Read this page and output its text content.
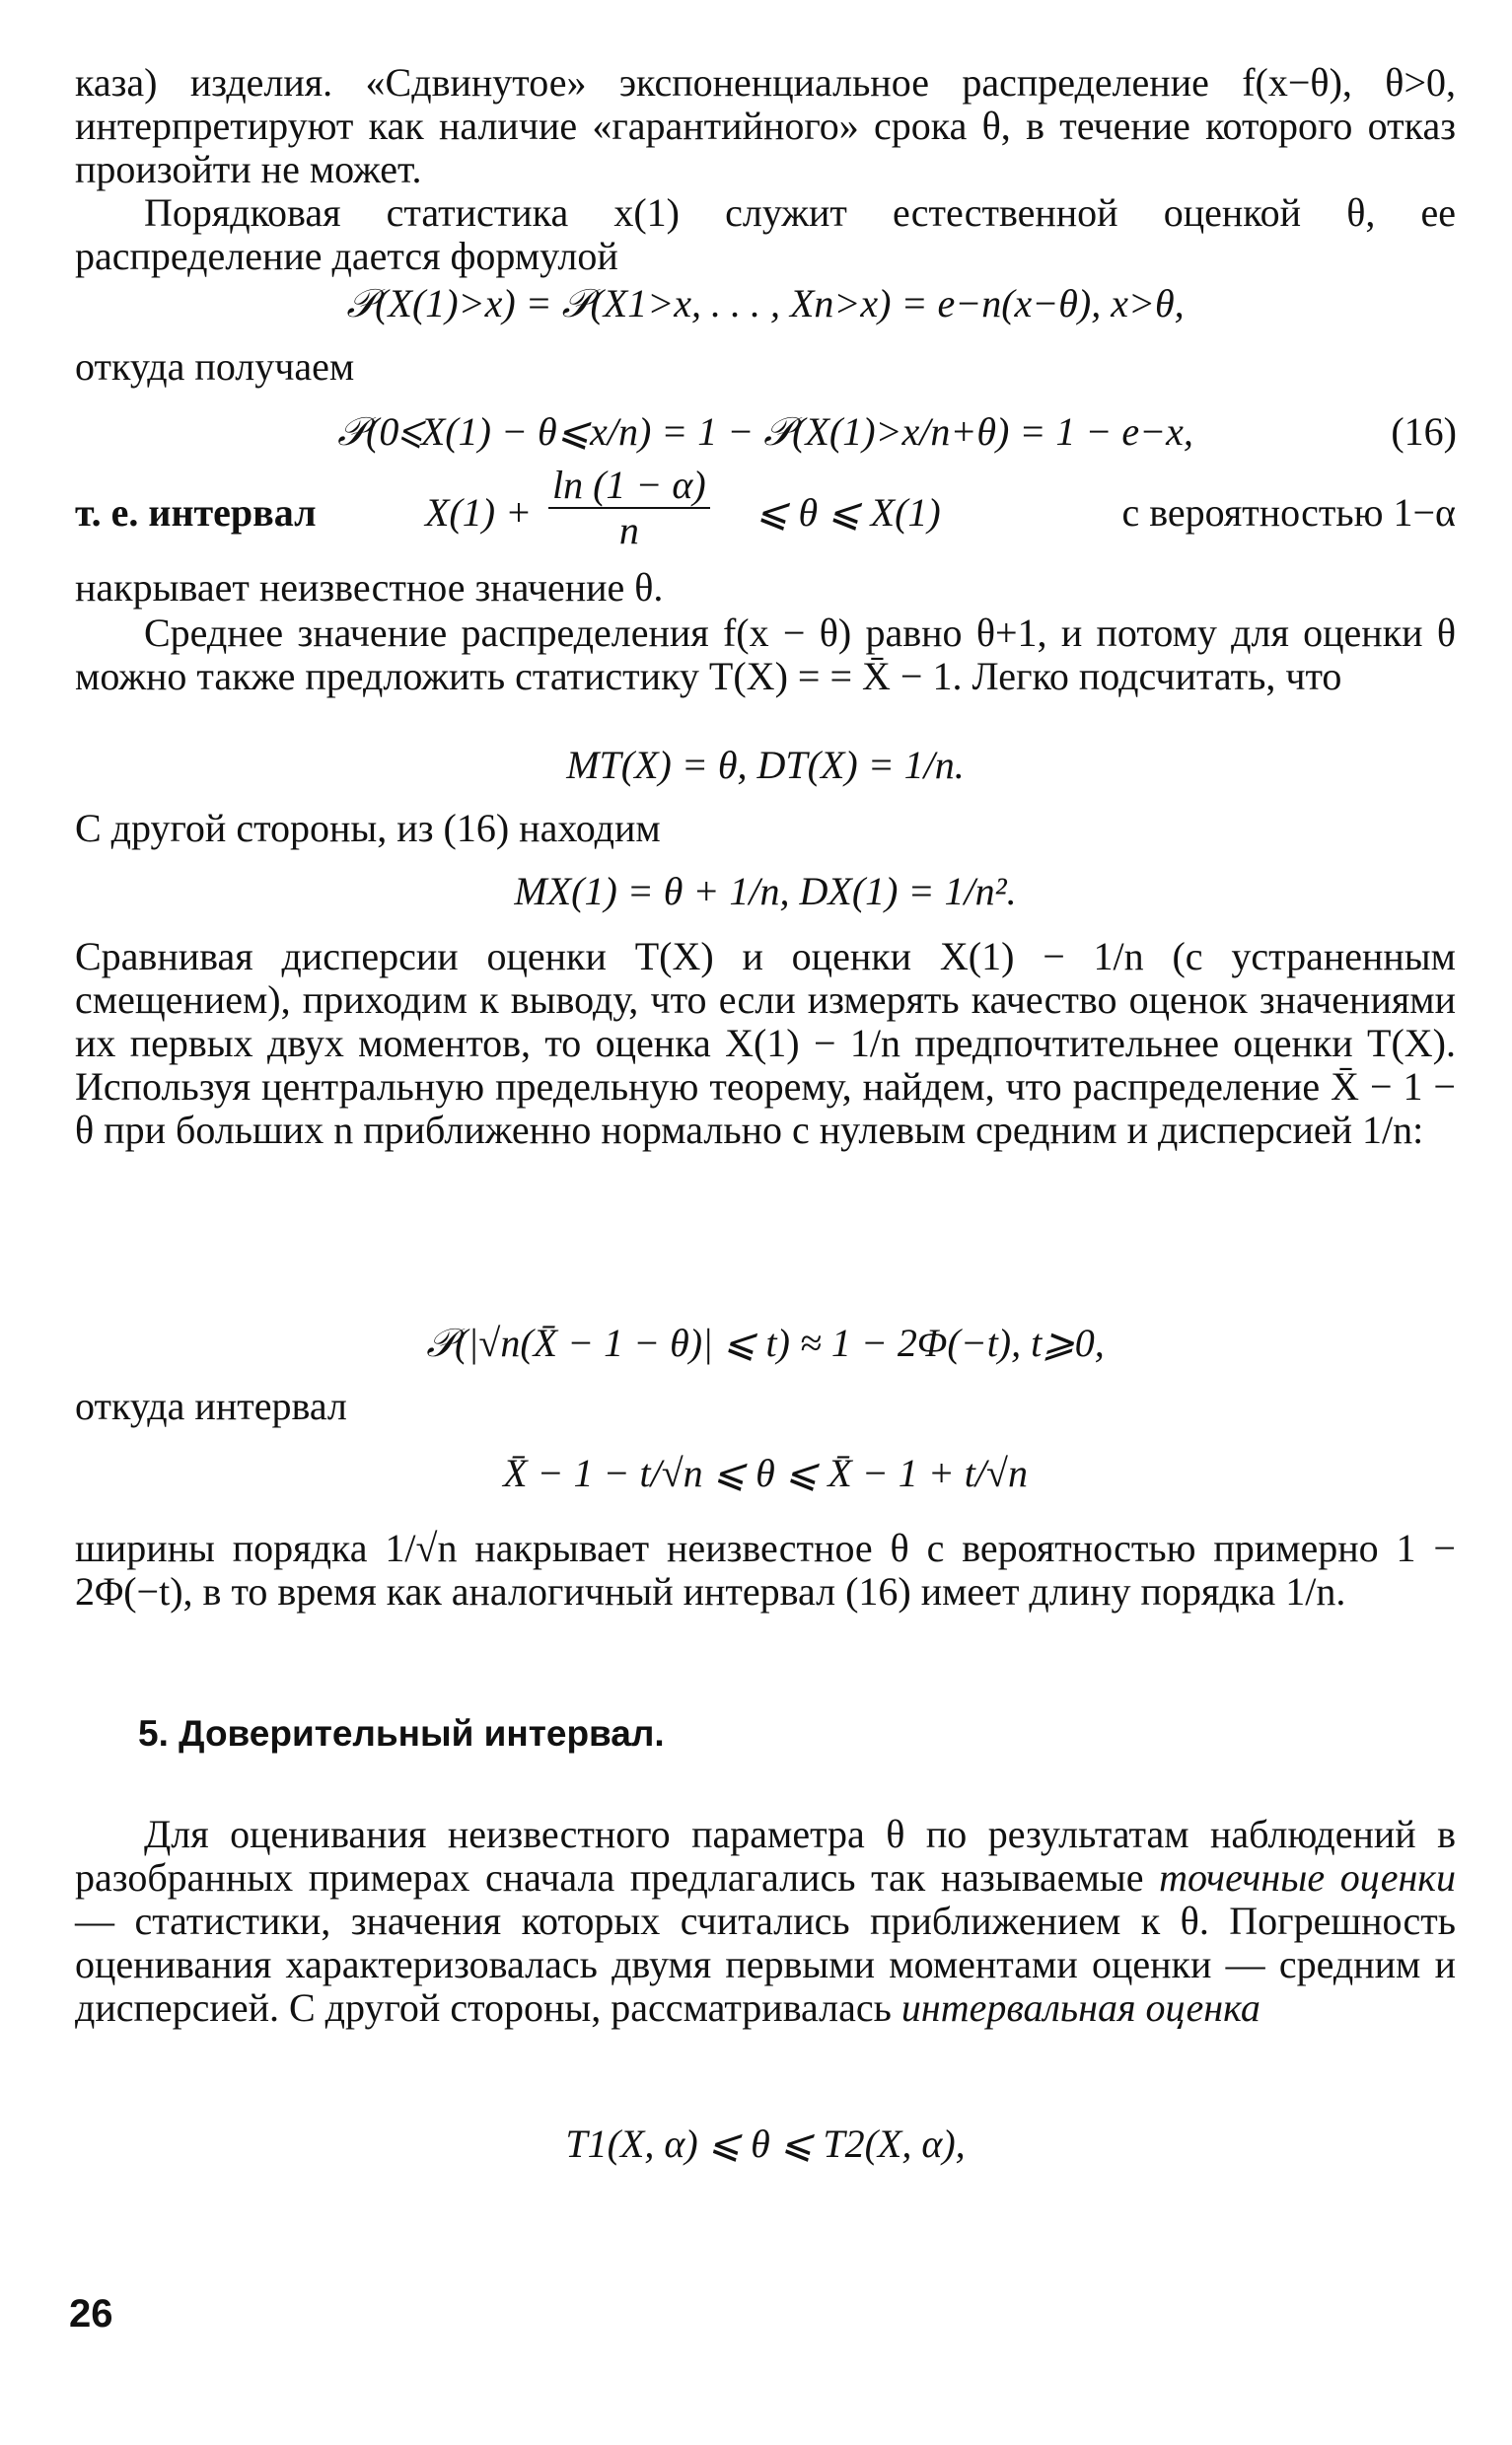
каза) изделия. «Сдвинутое» экспоненциальное распределение f(x−θ), θ>0, интерпретируют как наличие «гарантийного» срока θ, в течение которого отказ произойти не может.
Порядковая статистика x(1) служит естественной оценкой θ, ее распределение дается формулой
𝒫(X(1)>x) = 𝒫(X1>x, . . . , Xn>x) = e−n(x−θ), x>θ,
откуда получаем
𝒫(0⩽X(1) − θ⩽x/n) = 1 − 𝒫(X(1)>x/n+θ) = 1 − e−x,	(16)
т. е. интервал	$X(1) + \frac{\ln (1 - \alpha)}{n}$ ⩽ θ ⩽ X(1)	с вероятностью 1−α
накрывает неизвестное значение θ.
Среднее значение распределения f(x − θ) равно θ+1, и потому для оценки θ можно также предложить статистику T(X) = = X̄ − 1. Легко подсчитать, что
MT(X) = θ, DT(X) = 1/n.
С другой стороны, из (16) находим
MX(1) = θ + 1/n, DX(1) = 1/n².
Сравнивая дисперсии оценки T(X) и оценки X(1) − 1/n (с устраненным смещением), приходим к выводу, что если измерять качество оценок значениями их первых двух моментов, то оценка X(1) − 1/n предпочтительнее оценки T(X). Используя центральную предельную теорему, найдем, что распределение X̄ − 1 − θ при больших n приближенно нормально с нулевым средним и дисперсией 1/n:
𝒫(|√n(X̄ − 1 − θ)| ⩽ t) ≈ 1 − 2Φ(−t), t⩾0,
откуда интервал
X̄ − 1 − t/√n ⩽ θ ⩽ X̄ − 1 + t/√n
ширины порядка 1/√n накрывает неизвестное θ с вероятностью примерно 1 − 2Φ(−t), в то время как аналогичный интервал (16) имеет длину порядка 1/n.
5. Доверительный интервал.
Для оценивания неизвестного параметра θ по результатам наблюдений в разобранных примерах сначала предлагались так называемые точечные оценки — статистики, значения которых считались приближением к θ. Погрешность оценивания характеризовалась двумя первыми моментами оценки — средним и дисперсией. С другой стороны, рассматривалась интервальная оценка
T1(X, α) ⩽ θ ⩽ T2(X, α),
26
